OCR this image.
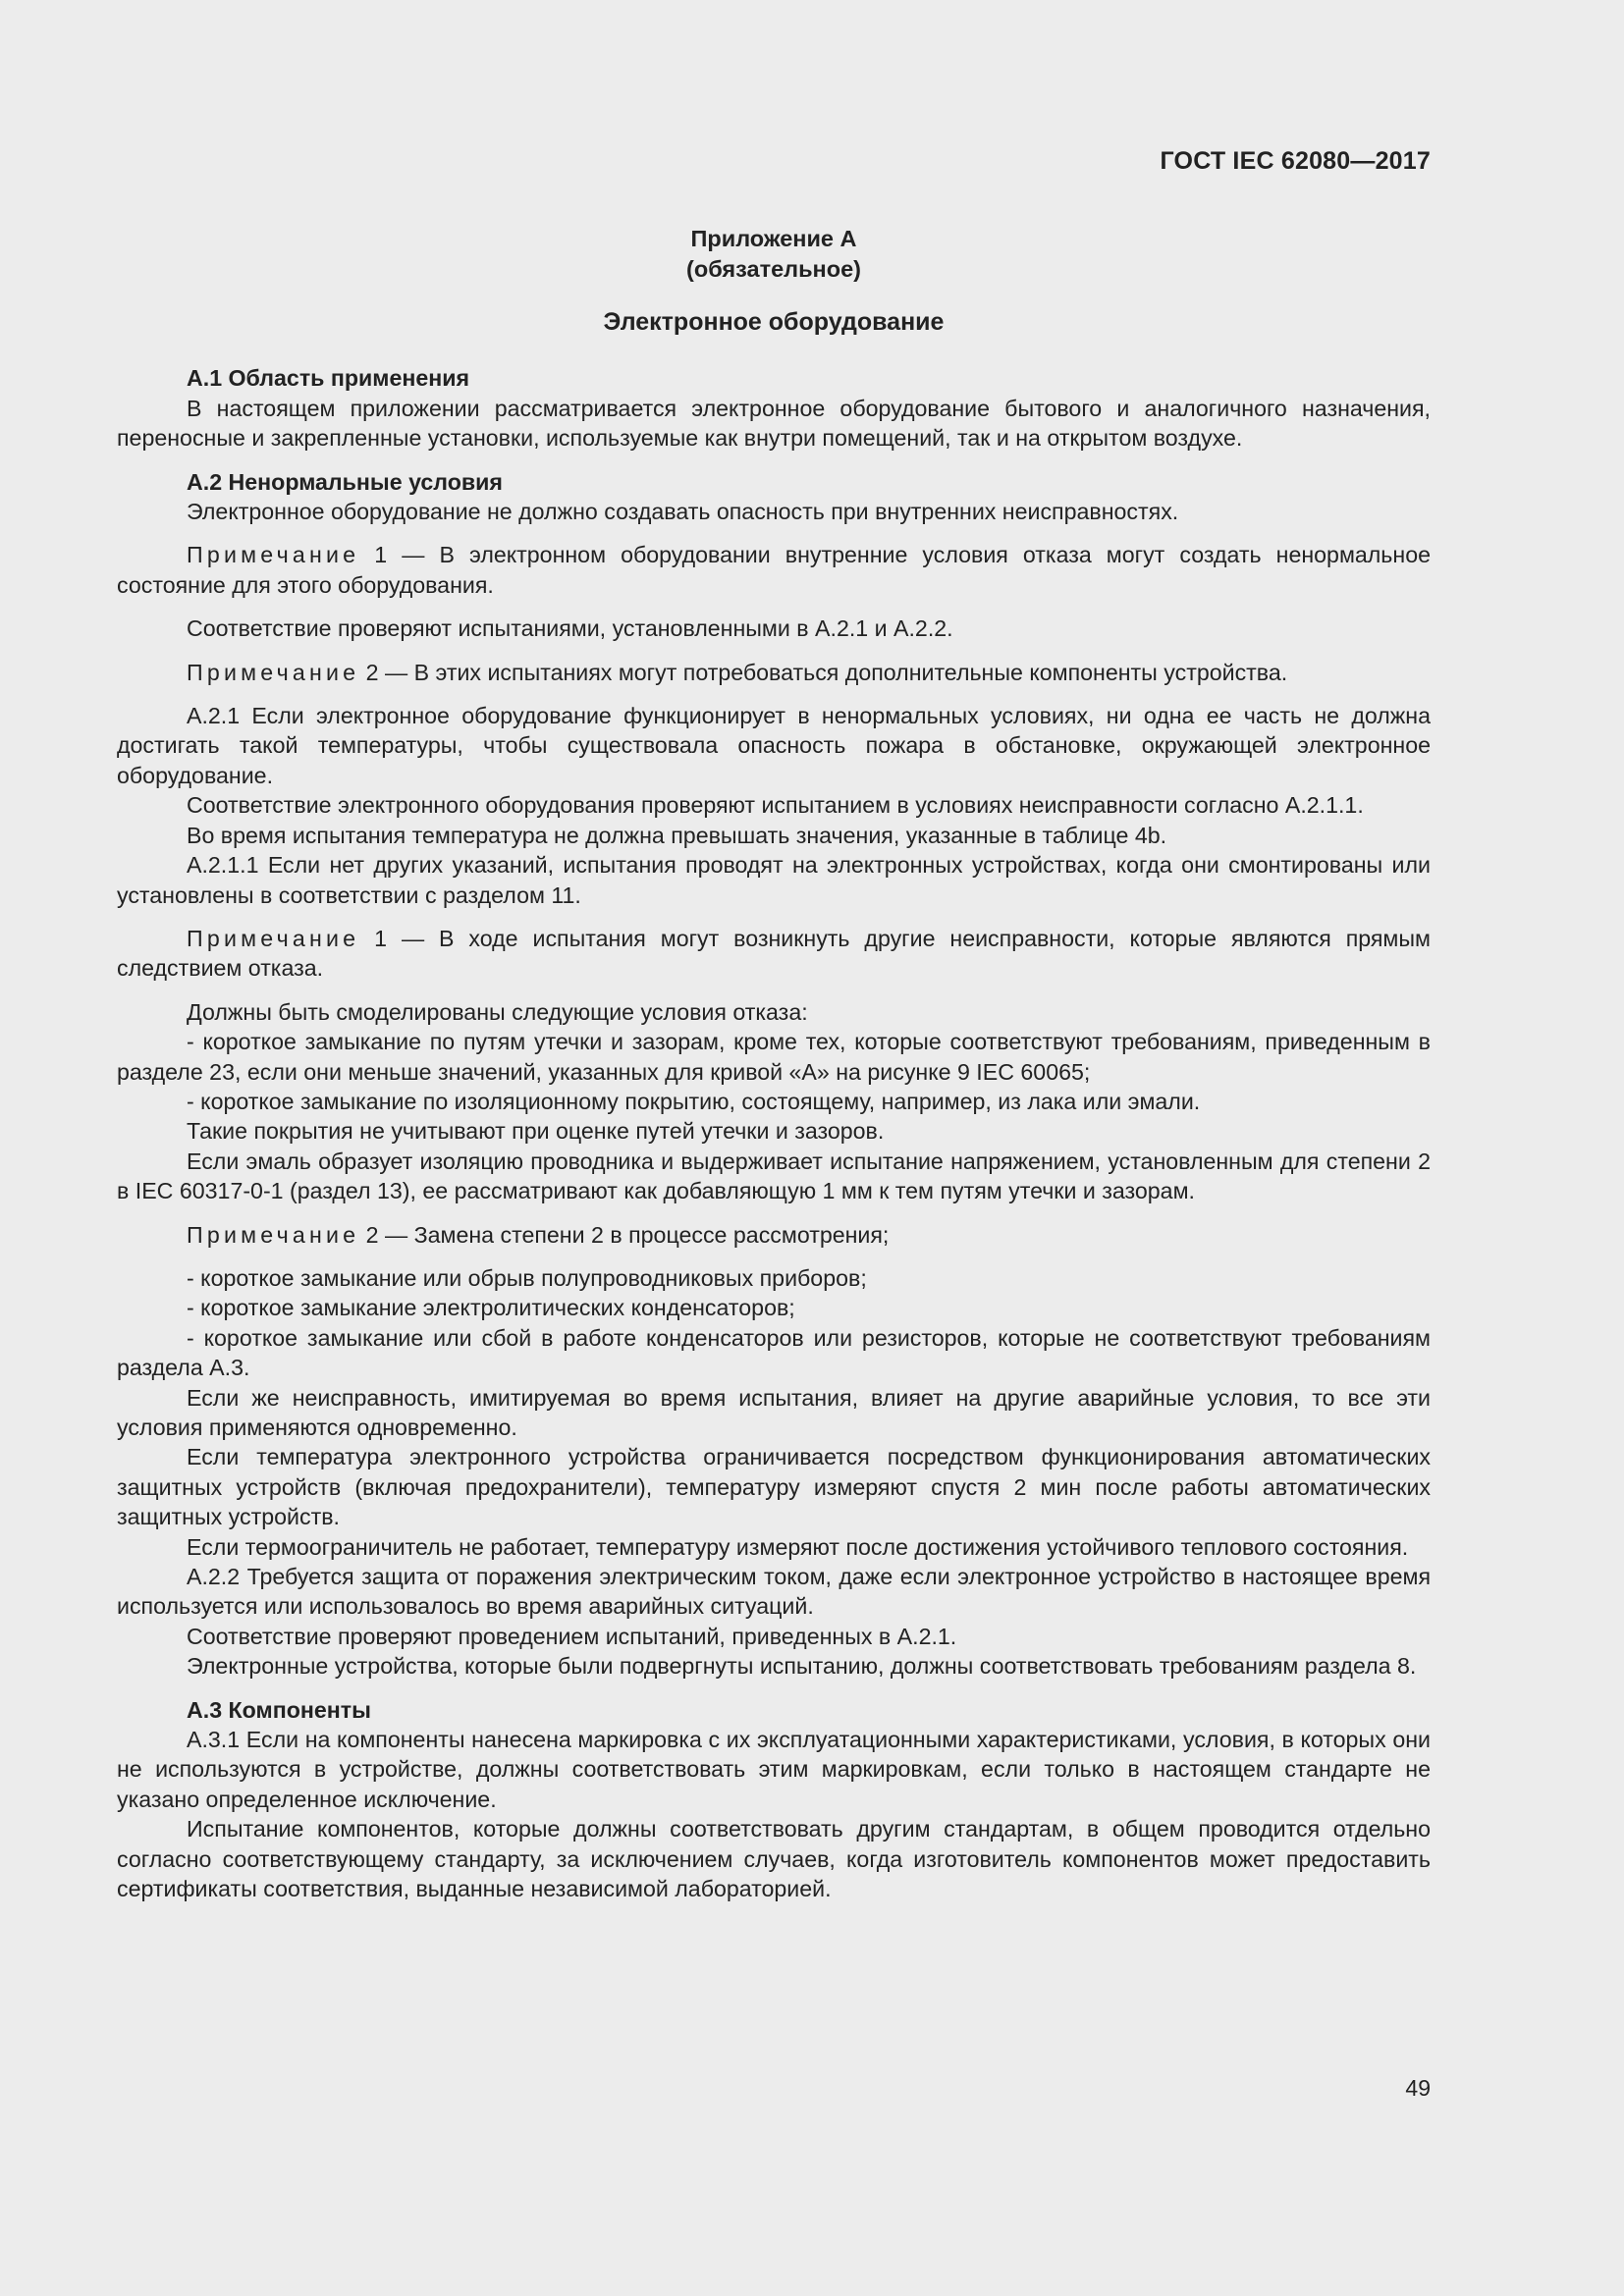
ГОСТ IEC 62080—2017
Приложение А
(обязательное)
Электронное оборудование
А.1 Область применения

В настоящем приложении рассматривается электронное оборудование бытового и аналогичного назначения, переносные и закрепленные установки, используемые как внутри помещений, так и на открытом воздухе.

А.2 Ненормальные условия

Электронное оборудование не должно создавать опасность при внутренних неисправностях.

Примечание 1 — В электронном оборудовании внутренние условия отказа могут создать ненормальное состояние для этого оборудования.

Соответствие проверяют испытаниями, установленными в А.2.1 и А.2.2.

Примечание 2 — В этих испытаниях могут потребоваться дополнительные компоненты устройства.

А.2.1 Если электронное оборудование функционирует в ненормальных условиях, ни одна ее часть не должна достигать такой температуры, чтобы существовала опасность пожара в обстановке, окружающей электронное оборудование.

Соответствие электронного оборудования проверяют испытанием в условиях неисправности согласно А.2.1.1.

Во время испытания температура не должна превышать значения, указанные в таблице 4b.

А.2.1.1 Если нет других указаний, испытания проводят на электронных устройствах, когда они смонтированы или установлены в соответствии с разделом 11.

Примечание 1 — В ходе испытания могут возникнуть другие неисправности, которые являются прямым следствием отказа.

Должны быть смоделированы следующие условия отказа:

- короткое замыкание по путям утечки и зазорам, кроме тех, которые соответствуют требованиям, приведенным в разделе 23, если они меньше значений, указанных для кривой «А» на рисунке 9 IEC 60065;

- короткое замыкание по изоляционному покрытию, состоящему, например, из лака или эмали.

Такие покрытия не учитывают при оценке путей утечки и зазоров.

Если эмаль образует изоляцию проводника и выдерживает испытание напряжением, установленным для степени 2 в IEC 60317-0-1 (раздел 13), ее рассматривают как добавляющую 1 мм к тем путям утечки и зазорам.

Примечание 2 — Замена степени 2 в процессе рассмотрения;

- короткое замыкание или обрыв полупроводниковых приборов;

- короткое замыкание электролитических конденсаторов;

- короткое замыкание или сбой в работе конденсаторов или резисторов, которые не соответствуют требованиям раздела А.3.

Если же неисправность, имитируемая во время испытания, влияет на другие аварийные условия, то все эти условия применяются одновременно.

Если температура электронного устройства ограничивается посредством функционирования автоматических защитных устройств (включая предохранители), температуру измеряют спустя 2 мин после работы автоматических защитных устройств.

Если термоограничитель не работает, температуру измеряют после достижения устойчивого теплового состояния.

А.2.2 Требуется защита от поражения электрическим током, даже если электронное устройство в настоящее время используется или использовалось во время аварийных ситуаций.

Соответствие проверяют проведением испытаний, приведенных в А.2.1.

Электронные устройства, которые были подвергнуты испытанию, должны соответствовать требованиям раздела 8.

А.3 Компоненты

А.3.1 Если на компоненты нанесена маркировка с их эксплуатационными характеристиками, условия, в которых они не используются в устройстве, должны соответствовать этим маркировкам, если только в настоящем стандарте не указано определенное исключение.

Испытание компонентов, которые должны соответствовать другим стандартам, в общем проводится отдельно согласно соответствующему стандарту, за исключением случаев, когда изготовитель компонентов может предоставить сертификаты соответствия, выданные независимой лабораторией.

49
